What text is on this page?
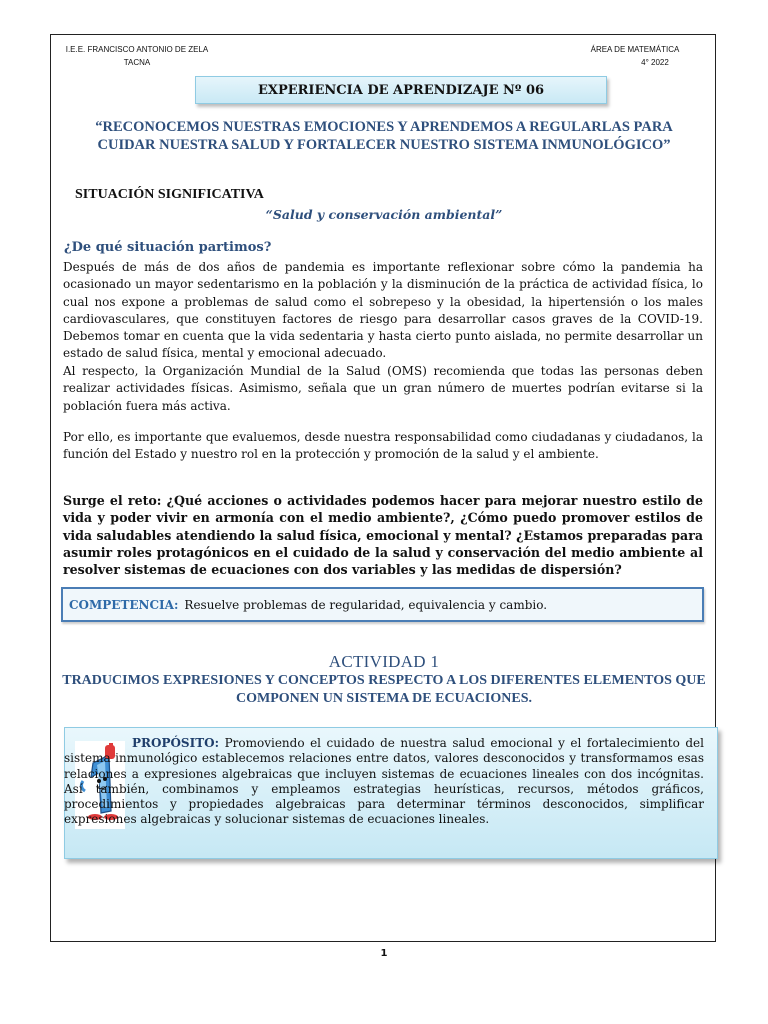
I.E.E. FRANCISCO ANTONIO DE ZELA
TACNA
ÁREA DE MATEMÁTICA
4° 2022
EXPERIENCIA DE APRENDIZAJE Nº 06
“RECONOCEMOS NUESTRAS EMOCIONES Y APRENDEMOS A REGULARLAS PARA CUIDAR NUESTRA SALUD Y FORTALECER NUESTRO SISTEMA INMUNOLÓGICO”
SITUACIÓN SIGNIFICATIVA
“Salud y conservación ambiental”
¿De qué situación partimos?

Después de más de dos años de pandemia es importante reflexionar sobre cómo la pandemia ha ocasionado un mayor sedentarismo en la población y la disminución de la práctica de actividad física, lo cual nos expone a problemas de salud como el sobrepeso y la obesidad, la hipertensión o los males cardiovasculares, que constituyen factores de riesgo para desarrollar casos graves de la COVID-19. Debemos tomar en cuenta que la vida sedentaria y hasta cierto punto aislada, no permite desarrollar un estado de salud física, mental y emocional adecuado.

Al respecto, la Organización Mundial de la Salud (OMS) recomienda que todas las personas deben realizar actividades físicas. Asimismo, señala que un gran número de muertes podrían evitarse si la población fuera más activa.

Por ello, es importante que evaluemos, desde nuestra responsabilidad como ciudadanas y ciudadanos, la función del Estado y nuestro rol en la protección y promoción de la salud y el ambiente.

Surge el reto: ¿Qué acciones o actividades podemos hacer para mejorar nuestro estilo de vida y poder vivir en armonía con el medio ambiente?, ¿Cómo puedo promover estilos de vida saludables atendiendo la salud física, emocional y mental? ¿Estamos preparadas para asumir roles protagónicos en el cuidado de la salud y conservación del medio ambiente al resolver sistemas de ecuaciones con dos variables y las medidas de dispersión?

COMPETENCIA: Resuelve problemas de regularidad, equivalencia y cambio.
ACTIVIDAD 1
TRADUCIMOS EXPRESIONES Y CONCEPTOS RESPECTO A LOS DIFERENTES ELEMENTOS QUE COMPONEN UN SISTEMA DE ECUACIONES.
PROPÓSITO: Promoviendo el cuidado de nuestra salud emocional y el fortalecimiento del sistema inmunológico establecemos relaciones entre datos, valores desconocidos y transformamos esas relaciones a expresiones algebraicas que incluyen sistemas de ecuaciones lineales con dos incógnitas. Así también, combinamos y empleamos estrategias heurísticas, recursos, métodos gráficos, procedimientos y propiedades algebraicas para determinar términos desconocidos, simplificar expresiones algebraicas y solucionar sistemas de ecuaciones lineales.
1
